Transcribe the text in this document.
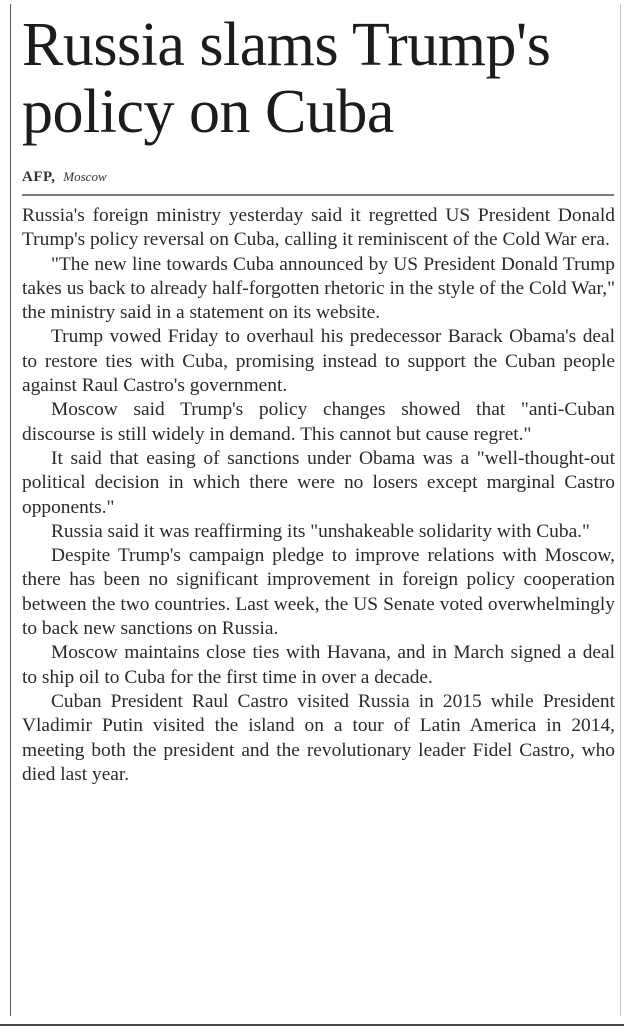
Russia slams Trump's policy on Cuba
AFP, Moscow

Russia's foreign ministry yesterday said it regretted US President Donald Trump's policy reversal on Cuba, calling it reminiscent of the Cold War era.

"The new line towards Cuba announced by US President Donald Trump takes us back to already half-forgotten rhetoric in the style of the Cold War," the ministry said in a statement on its website.

Trump vowed Friday to overhaul his predecessor Barack Obama's deal to restore ties with Cuba, promising instead to support the Cuban people against Raul Castro's government.

Moscow said Trump's policy changes showed that "anti-Cuban discourse is still widely in demand. This cannot but cause regret."

It said that easing of sanctions under Obama was a "well-thought-out political decision in which there were no losers except marginal Castro opponents."

Russia said it was reaffirming its "unshakeable solidarity with Cuba."

Despite Trump's campaign pledge to improve relations with Moscow, there has been no significant improvement in foreign policy cooperation between the two countries. Last week, the US Senate voted overwhelmingly to back new sanctions on Russia.

Moscow maintains close ties with Havana, and in March signed a deal to ship oil to Cuba for the first time in over a decade.

Cuban President Raul Castro visited Russia in 2015 while President Vladimir Putin visited the island on a tour of Latin America in 2014, meeting both the president and the revolutionary leader Fidel Castro, who died last year.
